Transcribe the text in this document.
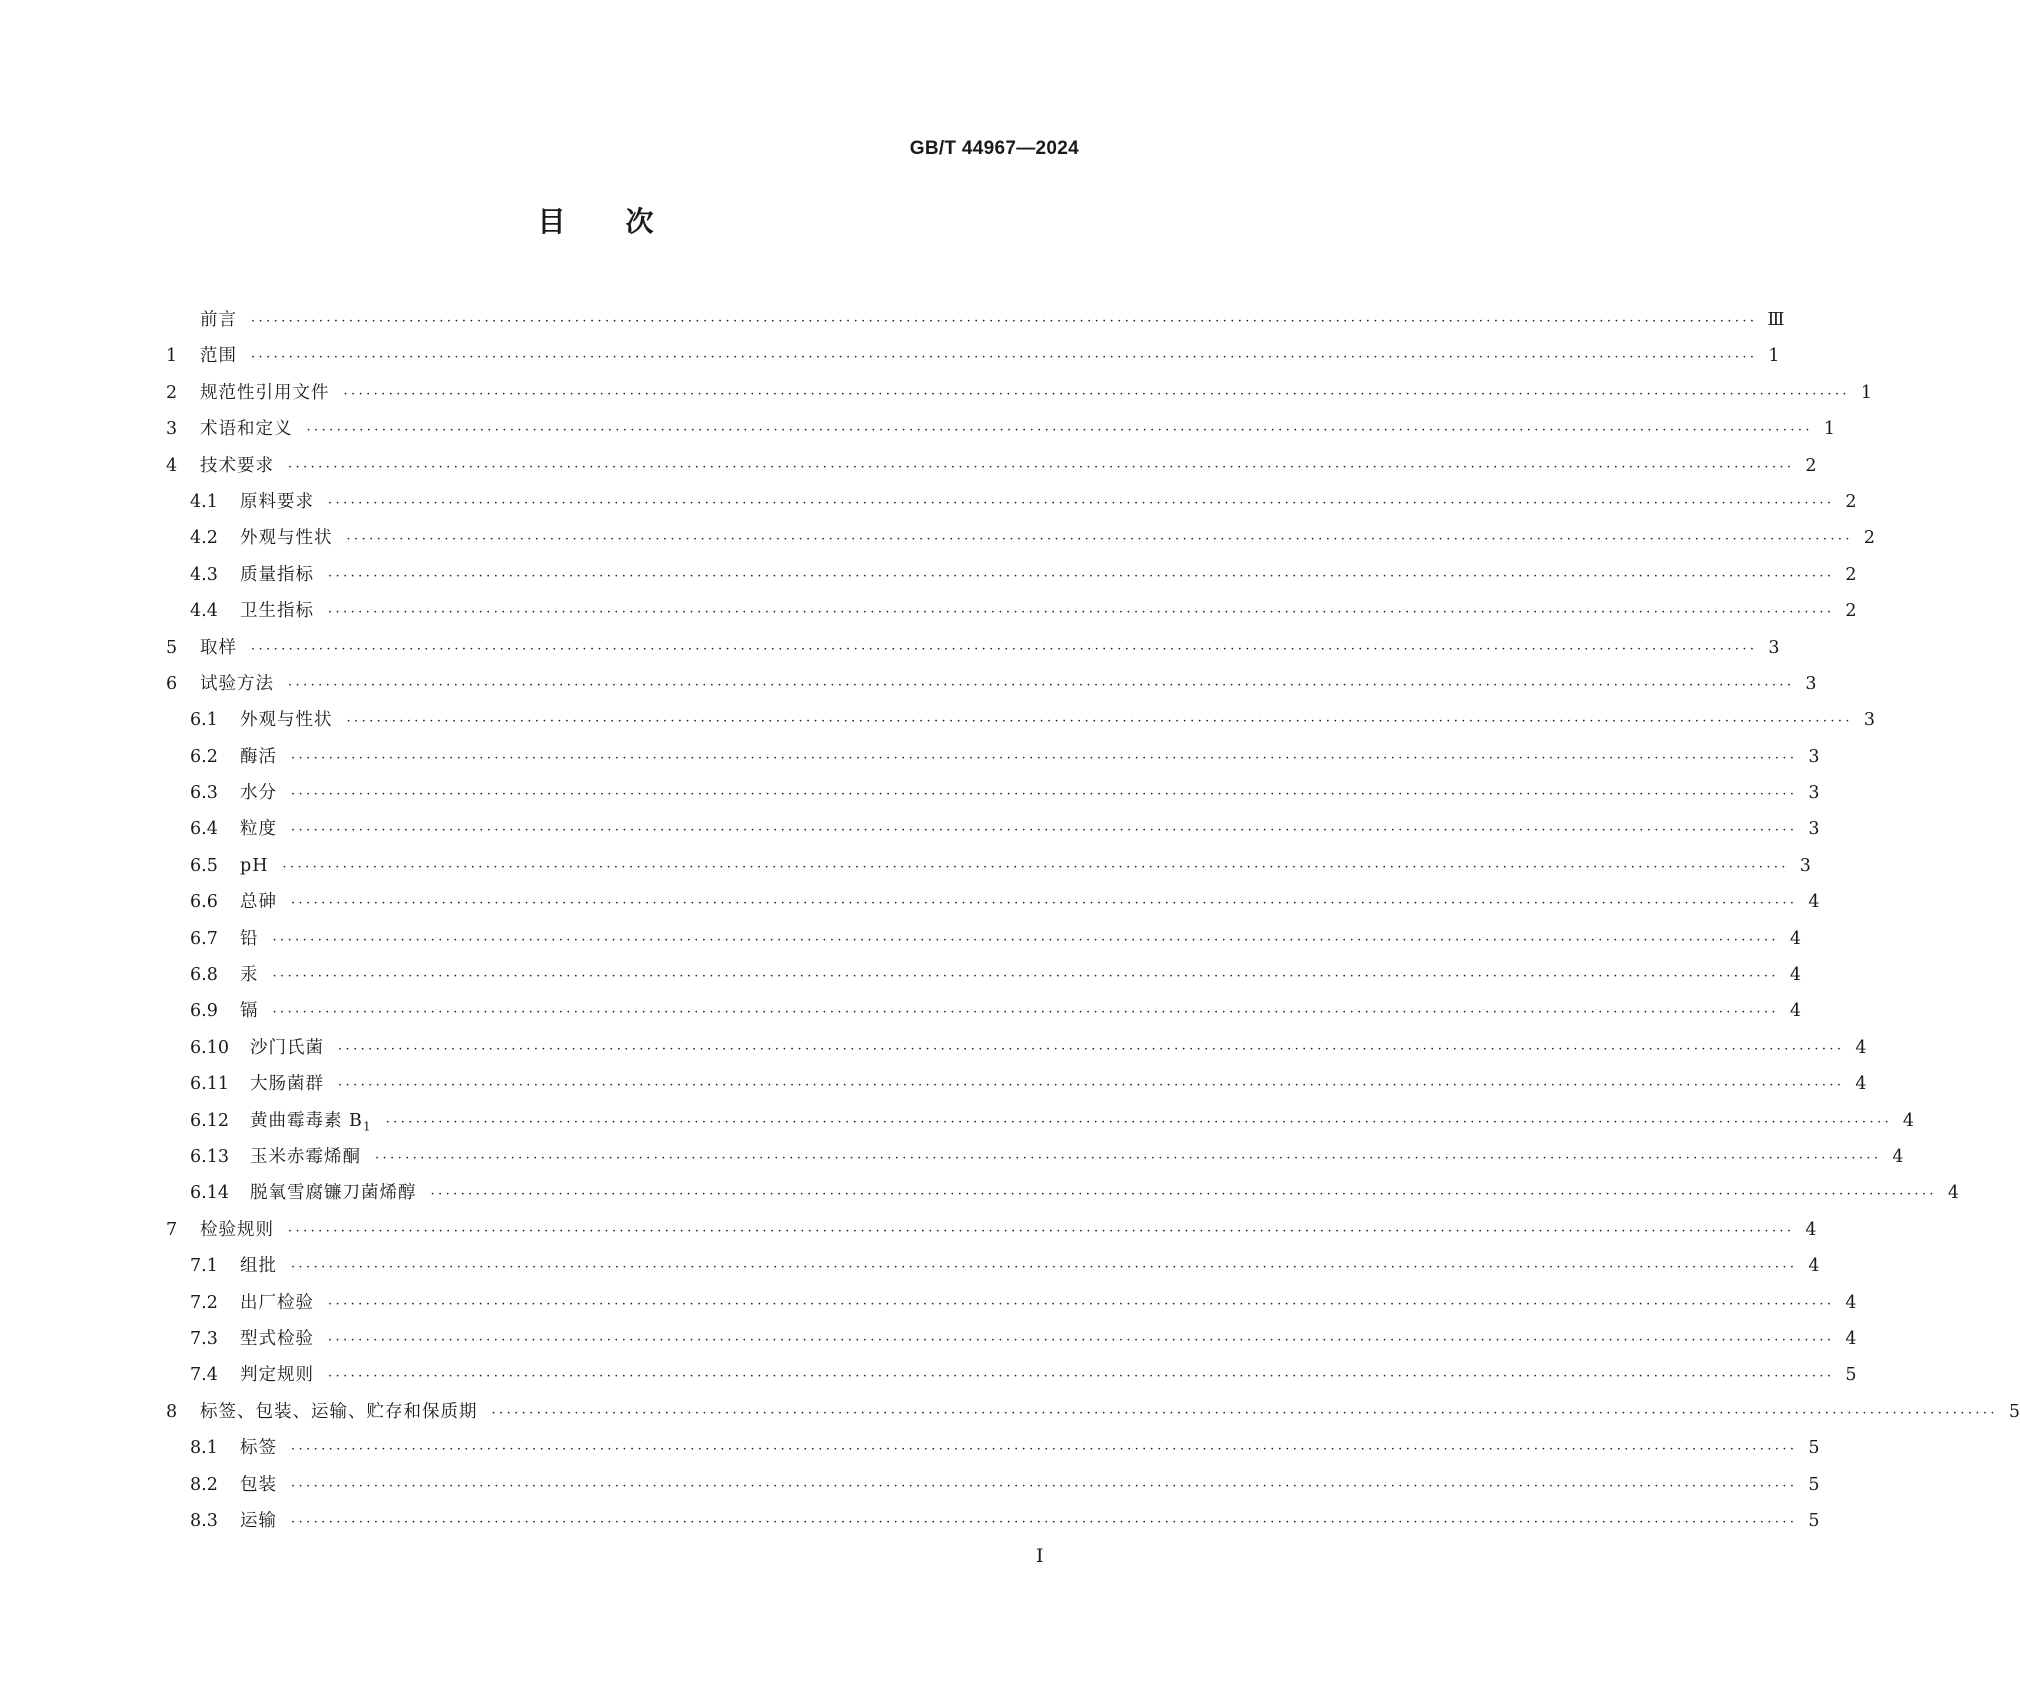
GB/T 44967—2024
目次
前言 ········································································································································································································ Ⅲ
1	范围 ········································································································································································································ 1
2	规范性引用文件 ········································································································································································································ 1
3	术语和定义 ········································································································································································································ 1
4	技术要求 ········································································································································································································ 2
4.1	原料要求 ········································································································································································································ 2
4.2	外观与性状 ········································································································································································································ 2
4.3	质量指标 ········································································································································································································ 2
4.4	卫生指标 ········································································································································································································ 2
5	取样 ········································································································································································································ 3
6	试验方法 ········································································································································································································ 3
6.1	外观与性状 ········································································································································································································ 3
6.2	酶活 ········································································································································································································ 3
6.3	水分 ········································································································································································································ 3
6.4	粒度 ········································································································································································································ 3
6.5	pH ········································································································································································································ 3
6.6	总砷 ········································································································································································································ 4
6.7	铅 ········································································································································································································ 4
6.8	汞 ········································································································································································································ 4
6.9	镉 ········································································································································································································ 4
6.10	沙门氏菌 ········································································································································································································ 4
6.11	大肠菌群 ········································································································································································································ 4
6.12	黄曲霉毒素 $B_1$ ········································································································································································································ 4
6.13	玉米赤霉烯酮 ········································································································································································································ 4
6.14	脱氧雪腐镰刀菌烯醇 ········································································································································································································ 4
7	检验规则 ········································································································································································································ 4
7.1	组批 ········································································································································································································ 4
7.2	出厂检验 ········································································································································································································ 4
7.3	型式检验 ········································································································································································································ 4
7.4	判定规则 ········································································································································································································ 5
8	标签、包装、运输、贮存和保质期 ········································································································································································································ 5
8.1	标签 ········································································································································································································ 5
8.2	包装 ········································································································································································································ 5
8.3	运输 ········································································································································································································ 5
I
